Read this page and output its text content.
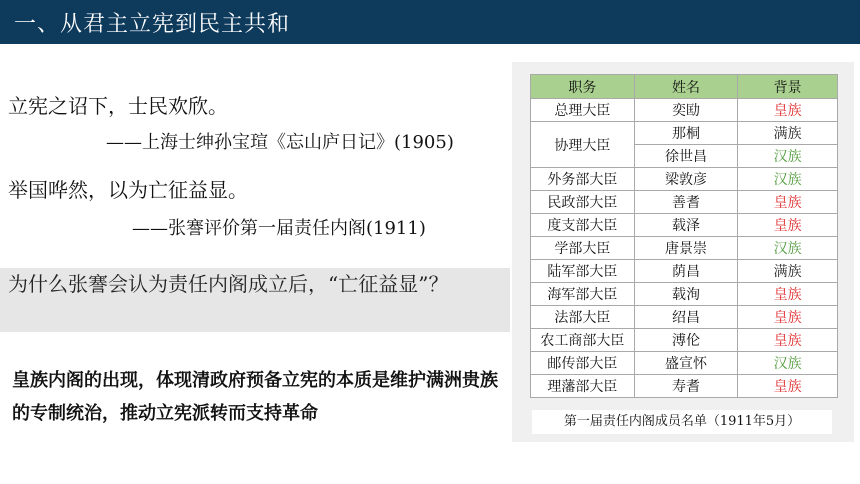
一、从君主立宪到民主共和
立宪之诏下，士民欢欣。
——上海士绅孙宝瑄《忘山庐日记》(1905)
举国哗然，以为亡征益显。
——张謇评价第一届责任内阁(1911)
为什么张謇会认为责任内阁成立后，“亡征益显”？
皇族内阁的出现，体现清政府预备立宪的本质是维护满洲贵族的专制统治，推动立宪派转而支持革命
职务	姓名	背景
总理大臣	奕劻	皇族
协理大臣	那桐	满族
	徐世昌	汉族
外务部大臣	梁敦彦	汉族
民政部大臣	善耆	皇族
度支部大臣	载泽	皇族
学部大臣	唐景崇	汉族
陆军部大臣	荫昌	满族
海军部大臣	载洵	皇族
法部大臣	绍昌	皇族
农工商部大臣	溥伦	皇族
邮传部大臣	盛宣怀	汉族
理藩部大臣	寿耆	皇族
第一届责任内阁成员名单（1911年5月）
